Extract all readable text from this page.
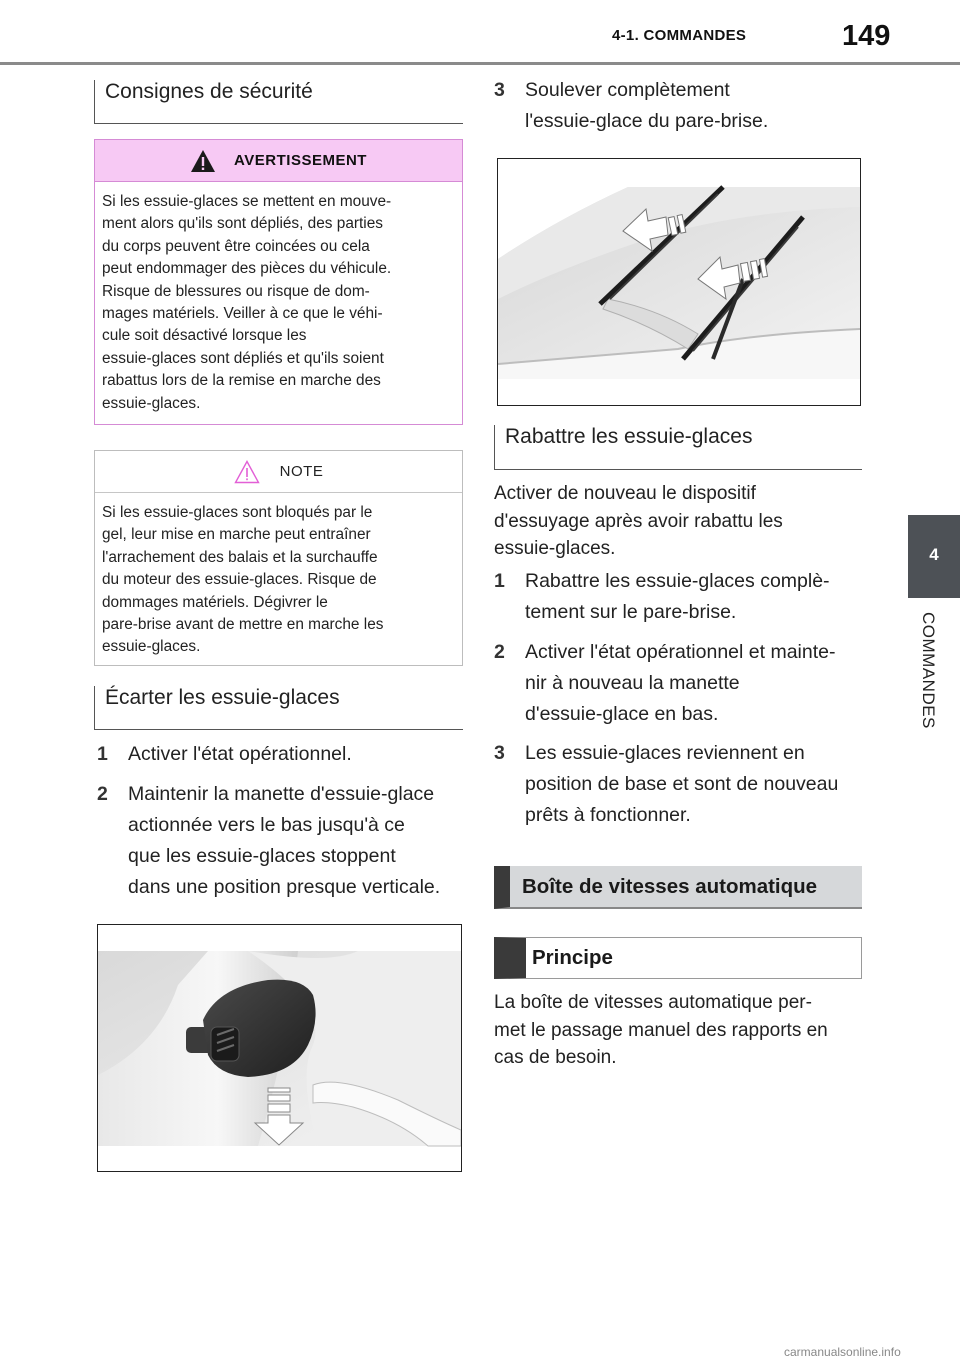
4-1. COMMANDES	149
4
COMMANDES
Consignes de sécurité
AVERTISSEMENT
Si les essuie-glaces se mettent en mouve-
ment alors qu'ils sont dépliés, des parties
du corps peuvent être coincées ou cela
peut endommager des pièces du véhicule.
Risque de blessures ou risque de dom-
mages matériels. Veiller à ce que le véhi-
cule soit désactivé lorsque les
essuie-glaces sont dépliés et qu'ils soient
rabattus lors de la remise en marche des
essuie-glaces.
NOTE
Si les essuie-glaces sont bloqués par le
gel, leur mise en marche peut entraîner
l'arrachement des balais et la surchauffe
du moteur des essuie-glaces. Risque de
dommages matériels. Dégivrer le
pare-brise avant de mettre en marche les
essuie-glaces.
Écarter les essuie-glaces
1 Activer l'état opérationnel.
2 Maintenir la manette d'essuie-glace
actionnée vers le bas jusqu'à ce
que les essuie-glaces stoppent
dans une position presque verticale.
3 Soulever complètement
l'essuie-glace du pare-brise.
Rabattre les essuie-glaces
Activer de nouveau le dispositif
d'essuyage après avoir rabattu les
essuie-glaces.
1 Rabattre les essuie-glaces complè-
tement sur le pare-brise.
2 Activer l'état opérationnel et mainte-
nir à nouveau la manette
d'essuie-glace en bas.
3 Les essuie-glaces reviennent en
position de base et sont de nouveau
prêts à fonctionner.
Boîte de vitesses automatique
Principe
La boîte de vitesses automatique per-
met le passage manuel des rapports en
cas de besoin.
carmanualsonline.info
